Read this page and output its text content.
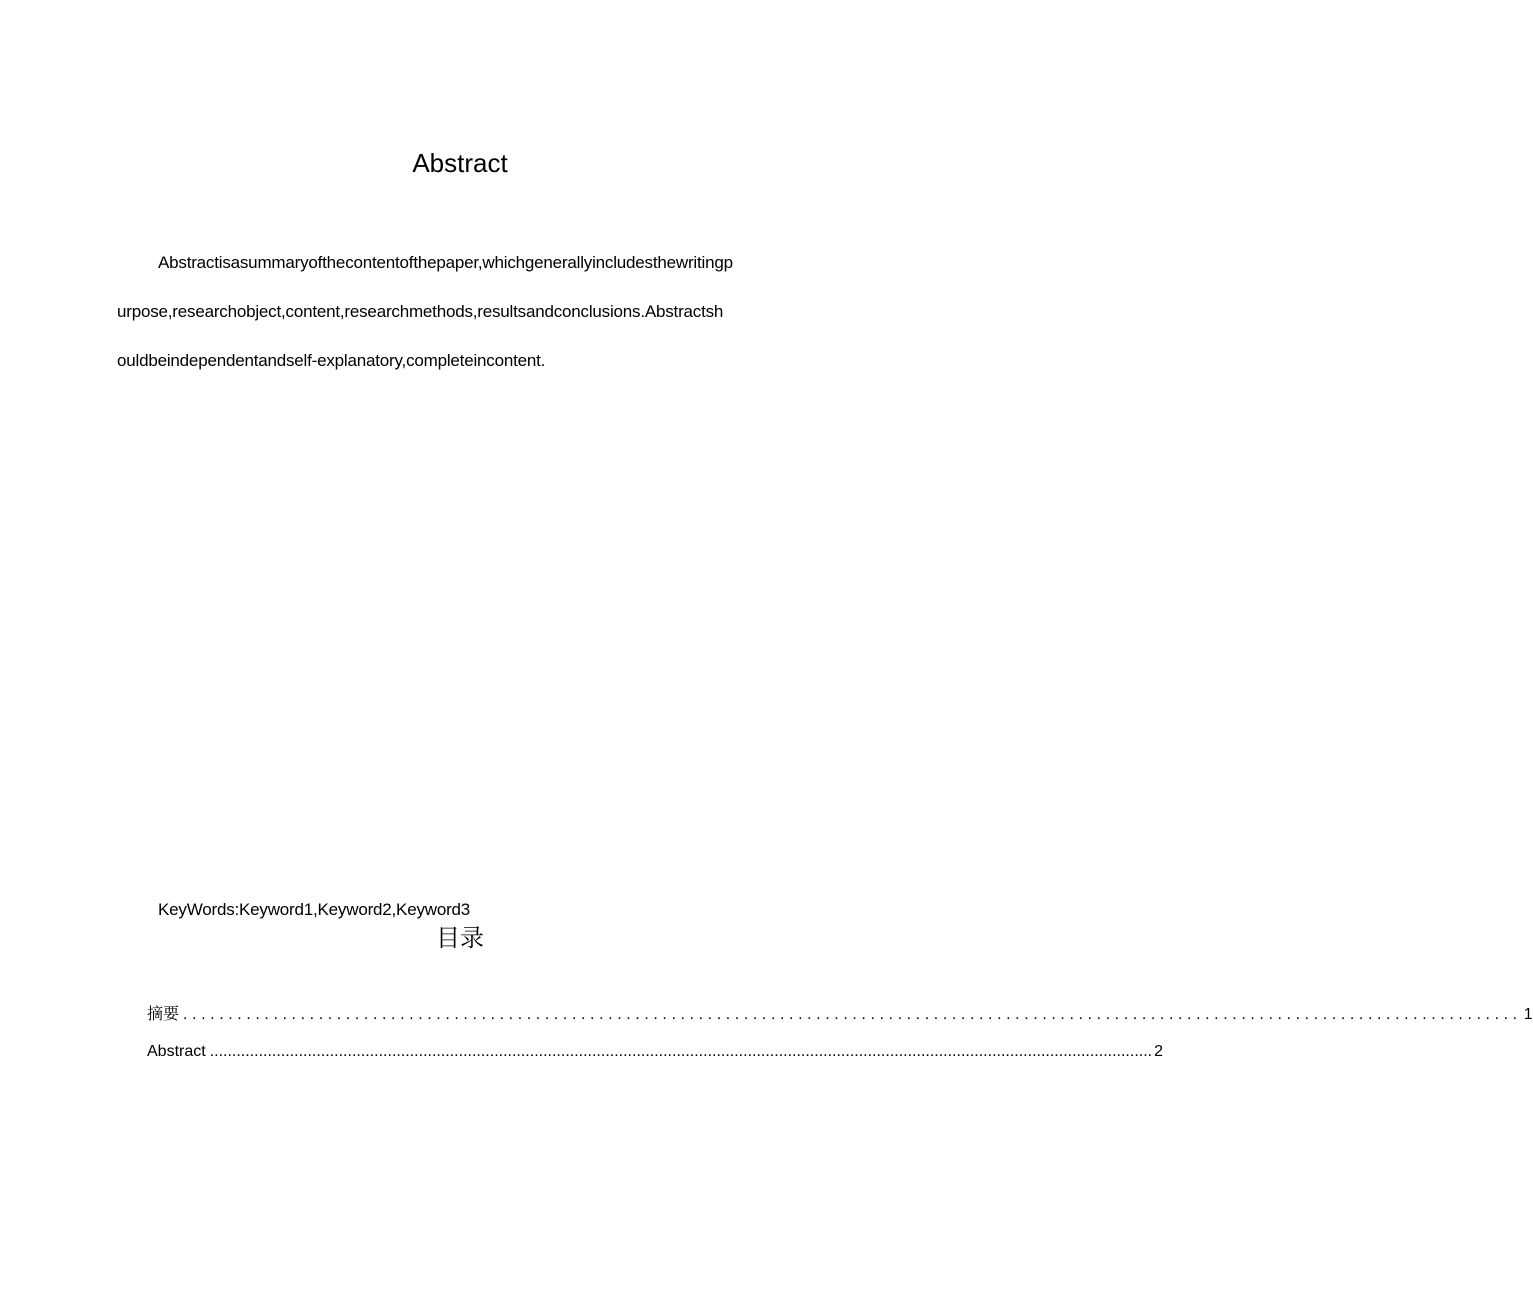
Abstract

Abstractisasummaryofthecontentofthepaper,whichgenerallyincludesthewritingp
urpose,researchobject,content,researchmethods,resultsandconclusions.Abstractsh
ouldbeindependentandself-explanatory,completeincontent.

KeyWords:Keyword1,Keyword2,Keyword3
目录
摘要 .................................................................................................................................................... 1
Abstract .................................................................................................................................................................................................................... 2
